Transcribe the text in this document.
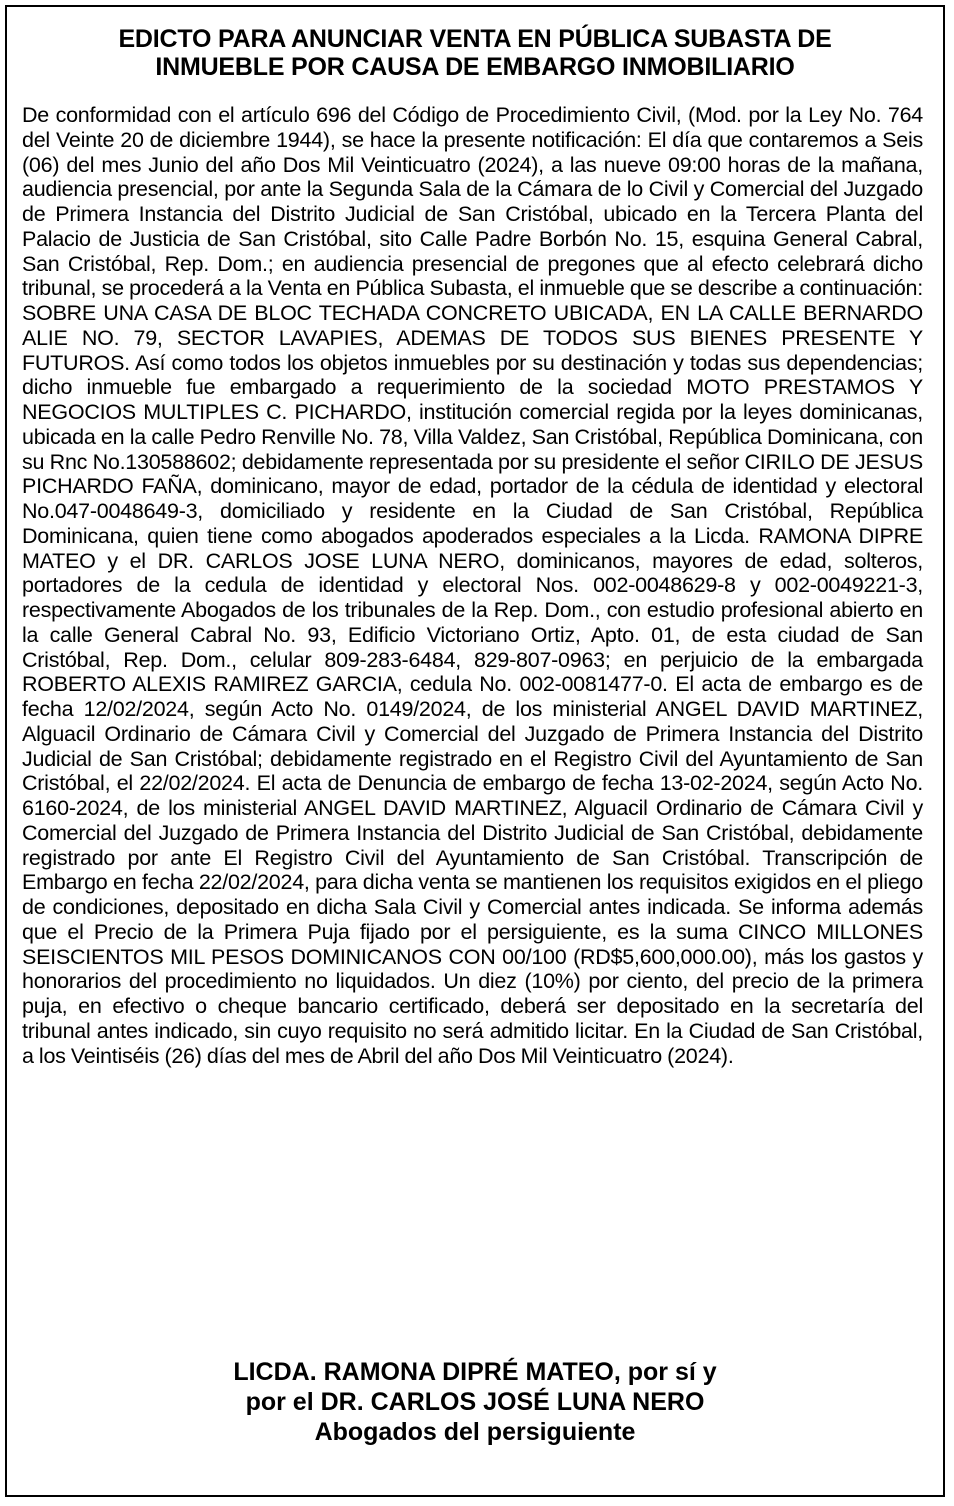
EDICTO PARA ANUNCIAR VENTA EN PÚBLICA SUBASTA DE
INMUEBLE POR CAUSA DE EMBARGO INMOBILIARIO

De conformidad con el artículo 696 del Código de Procedimiento Civil, (Mod. por la Ley No. 764 del Veinte 20 de diciembre 1944), se hace la presente notificación: El día que contaremos a Seis (06) del mes Junio del año Dos Mil Veinticuatro (2024), a las nueve 09:00 horas de la mañana, audiencia presencial, por ante la Segunda Sala de la Cámara de lo Civil y Comercial del Juzgado de Primera Instancia del Distrito Judicial de San Cristóbal, ubicado en la Tercera Planta del Palacio de Justicia de San Cristóbal, sito Calle Padre Borbón No. 15, esquina General Cabral, San Cristóbal, Rep. Dom.; en audiencia presencial de pregones que al efecto celebrará dicho tribunal, se procederá a la Venta en Pública Subasta, el inmueble que se describe a continuación: SOBRE UNA CASA DE BLOC TECHADA CONCRETO UBICADA, EN LA CALLE BERNARDO ALIE NO. 79, SECTOR LAVAPIES, ADEMAS DE TODOS SUS BIENES PRESENTE Y FUTUROS. Así como todos los objetos inmuebles por su destinación y todas sus dependencias; dicho inmueble fue embargado a requerimiento de la sociedad MOTO PRESTAMOS Y NEGOCIOS MULTIPLES C. PICHARDO, institución comercial regida por la leyes dominicanas, ubicada en la calle Pedro Renville No. 78, Villa Valdez, San Cristóbal, República Dominicana, con su Rnc No.130588602; debidamente representada por su presidente el señor CIRILO DE JESUS PICHARDO FAÑA, dominicano, mayor de edad, portador de la cédula de identidad y electoral No.047-0048649-3, domiciliado y residente en la Ciudad de San Cristóbal, República Dominicana, quien tiene como abogados apoderados especiales a la Licda. RAMONA DIPRE MATEO y el DR. CARLOS JOSE LUNA NERO, dominicanos, mayores de edad, solteros, portadores de la cedula de identidad y electoral Nos. 002-0048629-8 y 002-0049221-3, respectivamente Abogados de los tribunales de la Rep. Dom., con estudio profesional abierto en la calle General Cabral No. 93, Edificio Victoriano Ortiz, Apto. 01, de esta ciudad de San Cristóbal, Rep. Dom., celular 809-283-6484, 829-807-0963; en perjuicio de la embargada ROBERTO ALEXIS RAMIREZ GARCIA, cedula No. 002-0081477-0. El acta de embargo es de fecha 12/02/2024, según Acto No. 0149/2024, de los ministerial ANGEL DAVID MARTINEZ, Alguacil Ordinario de Cámara Civil y Comercial del Juzgado de Primera Instancia del Distrito Judicial de San Cristóbal; debidamente registrado en el Registro Civil del Ayuntamiento de San Cristóbal, el 22/02/2024. El acta de Denuncia de embargo de fecha 13-02-2024, según Acto No. 6160-2024, de los ministerial ANGEL DAVID MARTINEZ, Alguacil Ordinario de Cámara Civil y Comercial del Juzgado de Primera Instancia del Distrito Judicial de San Cristóbal, debidamente registrado por ante El Registro Civil del Ayuntamiento de San Cristóbal. Transcripción de Embargo en fecha 22/02/2024, para dicha venta se mantienen los requisitos exigidos en el pliego de condiciones, depositado en dicha Sala Civil y Comercial antes indicada. Se informa además que el Precio de la Primera Puja fijado por el persiguiente, es la suma CINCO MILLONES SEISCIENTOS MIL PESOS DOMINICANOS CON 00/100 (RD$5,600,000.00), más los gastos y honorarios del procedimiento no liquidados. Un diez (10%) por ciento, del precio de la primera puja, en efectivo o cheque bancario certificado, deberá ser depositado en la secretaría del tribunal antes indicado, sin cuyo requisito no será admitido licitar. En la Ciudad de San Cristóbal, a los Veintiséis (26) días del mes de Abril del año Dos Mil Veinticuatro (2024).

LICDA. RAMONA DIPRÉ MATEO, por sí y
por el DR. CARLOS JOSÉ LUNA NERO
Abogados del persiguiente
